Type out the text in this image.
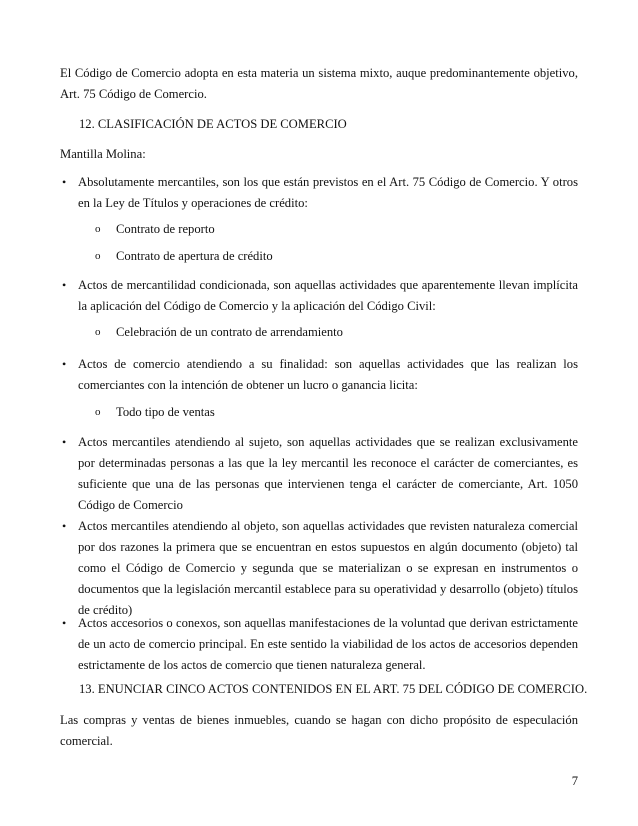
El Código de Comercio adopta en esta materia un sistema mixto, auque predominantemente objetivo, Art. 75 Código de Comercio.

12. CLASIFICACIÓN DE ACTOS DE COMERCIO

Mantilla Molina:

• Absolutamente mercantiles, son los que están previstos en el Art. 75 Código de Comercio. Y otros en la Ley de Títulos y operaciones de crédito:

o Contrato de reporto

o Contrato de apertura de crédito

• Actos de mercantilidad condicionada, son aquellas actividades que aparentemente llevan implícita la aplicación del Código de Comercio y la aplicación del Código Civil:

o Celebración de un contrato de arrendamiento

• Actos de comercio atendiendo a su finalidad: son aquellas actividades que las realizan los comerciantes con la intención de obtener un lucro o ganancia licita:

o Todo tipo de ventas

• Actos mercantiles atendiendo al sujeto, son aquellas actividades que se realizan exclusivamente por determinadas personas a las que la ley mercantil les reconoce el carácter de comerciantes, es suficiente que una de las personas que intervienen tenga el carácter de comerciante, Art. 1050 Código de Comercio

• Actos mercantiles atendiendo al objeto, son aquellas actividades que revisten naturaleza comercial por dos razones la primera que se encuentran en estos supuestos en algún documento (objeto) tal como el Código de Comercio y segunda que se materializan o se expresan en instrumentos o documentos que la legislación mercantil establece para su operatividad y desarrollo (objeto) títulos de crédito)

• Actos accesorios o conexos, son aquellas manifestaciones de la voluntad que derivan estrictamente de un acto de comercio principal. En este sentido la viabilidad de los actos de accesorios dependen estrictamente de los actos de comercio que tienen naturaleza general.

13. ENUNCIAR CINCO ACTOS CONTENIDOS EN EL ART. 75 DEL CÓDIGO DE COMERCIO.

Las compras y ventas de bienes inmuebles, cuando se hagan con dicho propósito de especulación comercial.

7
